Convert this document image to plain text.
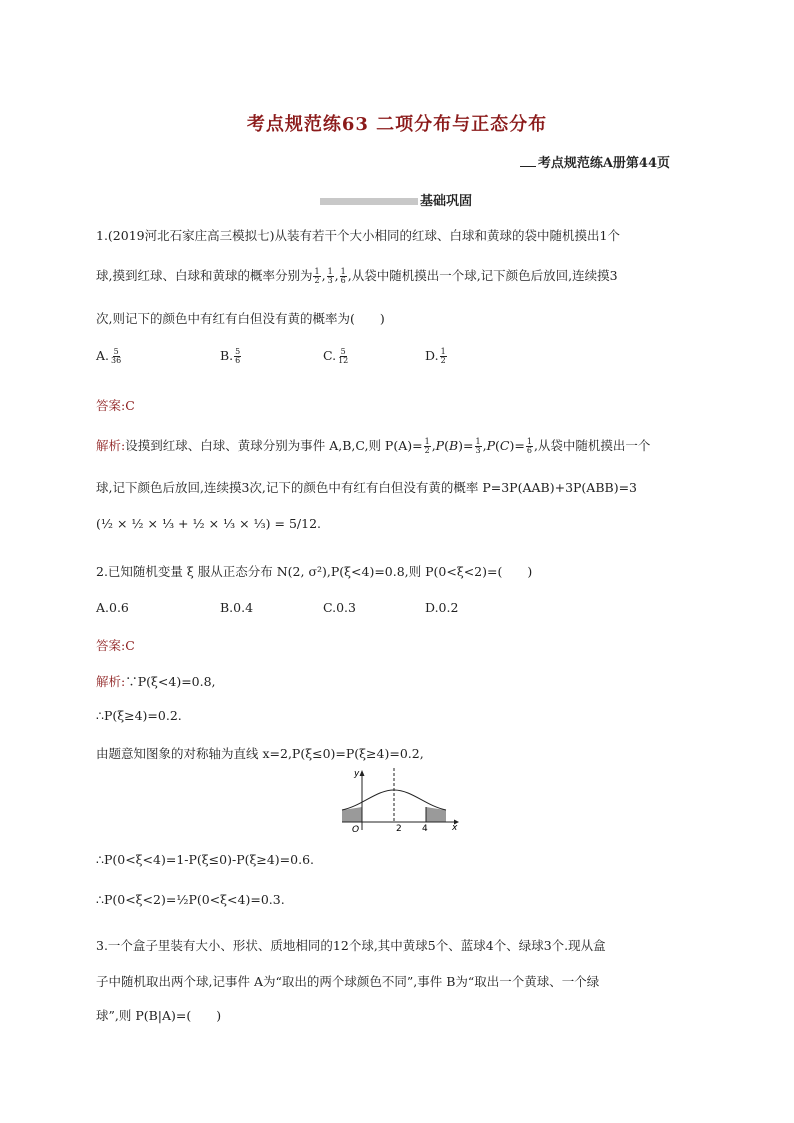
考点规范练63 二项分布与正态分布
考点规范练A册第44页
基础巩固
1.(2019河北石家庄高三模拟七)从装有若干个大小相同的红球、白球和黄球的袋中随机摸出1个
球,摸到红球、白球和黄球的概率分别为 $\frac{1}{2}$ , $\frac{1}{3}$ , $\frac{1}{6}$ ,从袋中随机摸出一个球,记下颜色后放回,连续摸3
次,则记下的颜色中有红有白但没有黄的概率为(　　)
A. $\frac{5}{36}$	B. $\frac{5}{6}$	C. $\frac{5}{12}$	D. $\frac{1}{2}$
答案:C
解析:设摸到红球、白球、黄球分别为事件 A,B,C,则 $P(A)= \frac{1}{2} ,P(B)= \frac{1}{3} ,P(C)= \frac{1}{6}$ ,从袋中随机摸出一个
球,记下颜色后放回,连续摸3次,记下的颜色中有红有白但没有黄的概率 P=3P(AAB)+3P(ABB)=3
(½ × ½ × ⅓ + ½ × ⅓ × ⅓) = 5/12.
2.已知随机变量 ξ 服从正态分布 N(2, σ²),P(ξ<4)=0.8,则 P(0<ξ<2)=(　　)
A.0.6	B.0.4	C.0.3	D.0.2
答案:C
解析:∵P(ξ<4)=0.8,
∴P(ξ≥4)=0.2.
由题意知图象的对称轴为直线 x=2,P(ξ≤0)=P(ξ≥4)=0.2,
y
O	2 4	x
∴P(0<ξ<4)=1-P(ξ≤0)-P(ξ≥4)=0.6.
∴P(0<ξ<2)=½P(0<ξ<4)=0.3.
3.一个盒子里装有大小、形状、质地相同的12个球,其中黄球5个、蓝球4个、绿球3个.现从盒
子中随机取出两个球,记事件 A为“取出的两个球颜色不同”,事件 B为“取出一个黄球、一个绿
球”,则 P(B|A)=(　　)
